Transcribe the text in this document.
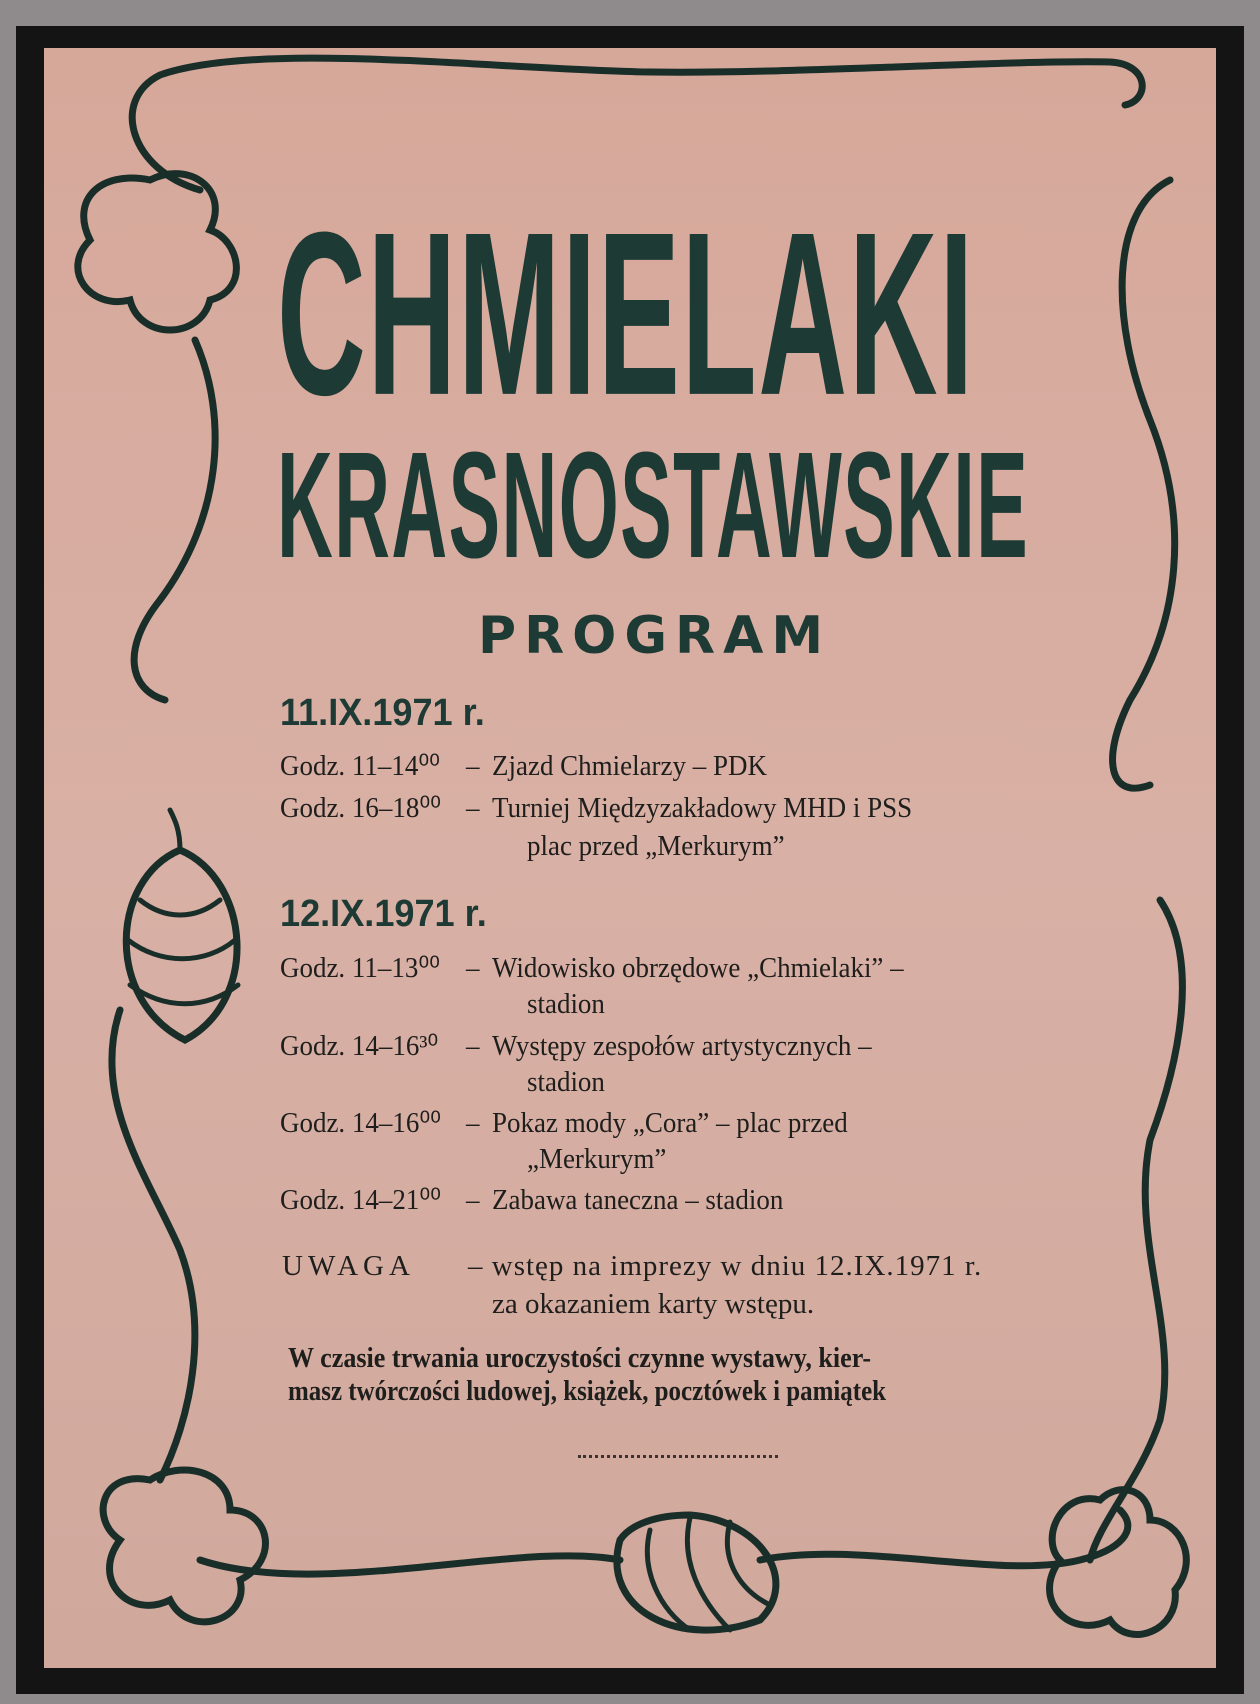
CHMIELAKI
KRASNOSTAWSKIE
PROGRAM
11.IX.1971 r.
Godz. 11–14⁰⁰ – Zjazd Chmielarzy – PDK
Godz. 16–18⁰⁰ – Turniej Międzyzakładowy MHD i PSS
plac przed „Merkurym”
12.IX.1971 r.
Godz. 11–13⁰⁰ – Widowisko obrzędowe „Chmielaki” –
stadion
Godz. 14–16³⁰ – Występy zespołów artystycznych –
stadion
Godz. 14–16⁰⁰ – Pokaz mody „Cora” – plac przed
„Merkurym”
Godz. 14–21⁰⁰ – Zabawa taneczna – stadion
UWAGA – wstęp na imprezy w dniu 12.IX.1971 r.
za okazaniem karty wstępu.
W czasie trwania uroczystości czynne wystawy, kier-
masz twórczości ludowej, książek, pocztówek i pamiątek
